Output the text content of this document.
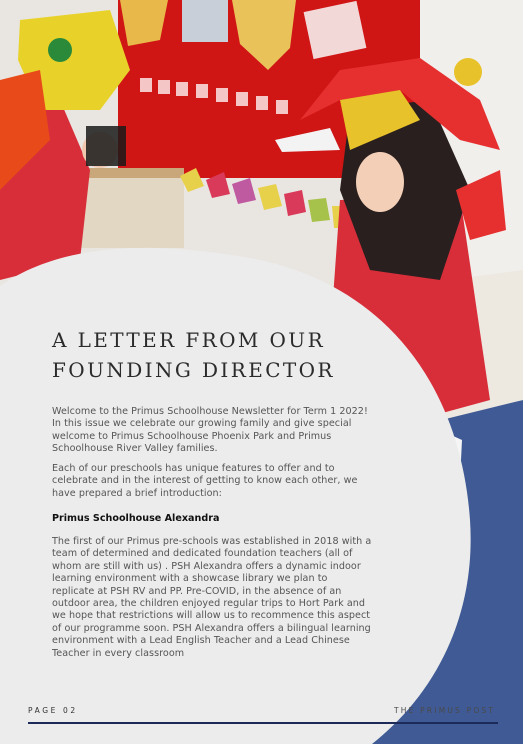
A LETTER FROM OUR
FOUNDING DIRECTOR

Welcome to the Primus Schoolhouse Newsletter for Term 1 2022! In this issue we celebrate our growing family and give special welcome to Primus Schoolhouse Phoenix Park and Primus Schoolhouse River Valley families.

Each of our preschools has unique features to offer and to celebrate and in the interest of getting to know each other, we have prepared a brief introduction:

Primus Schoolhouse Alexandra

The first of our Primus pre-schools was established in 2018 with a team of determined and dedicated foundation teachers (all of whom are still with us) . PSH Alexandra offers a dynamic indoor learning environment with a showcase library we plan to replicate at PSH RV and PP. Pre-COVID, in the absence of an outdoor area, the children enjoyed regular trips to Hort Park and we hope that restrictions will allow us to recommence this aspect of our programme soon. PSH Alexandra offers a bilingual learning environment with a Lead English Teacher and a Lead Chinese Teacher in every classroom

PAGE 02	THE PRIMUS POST
